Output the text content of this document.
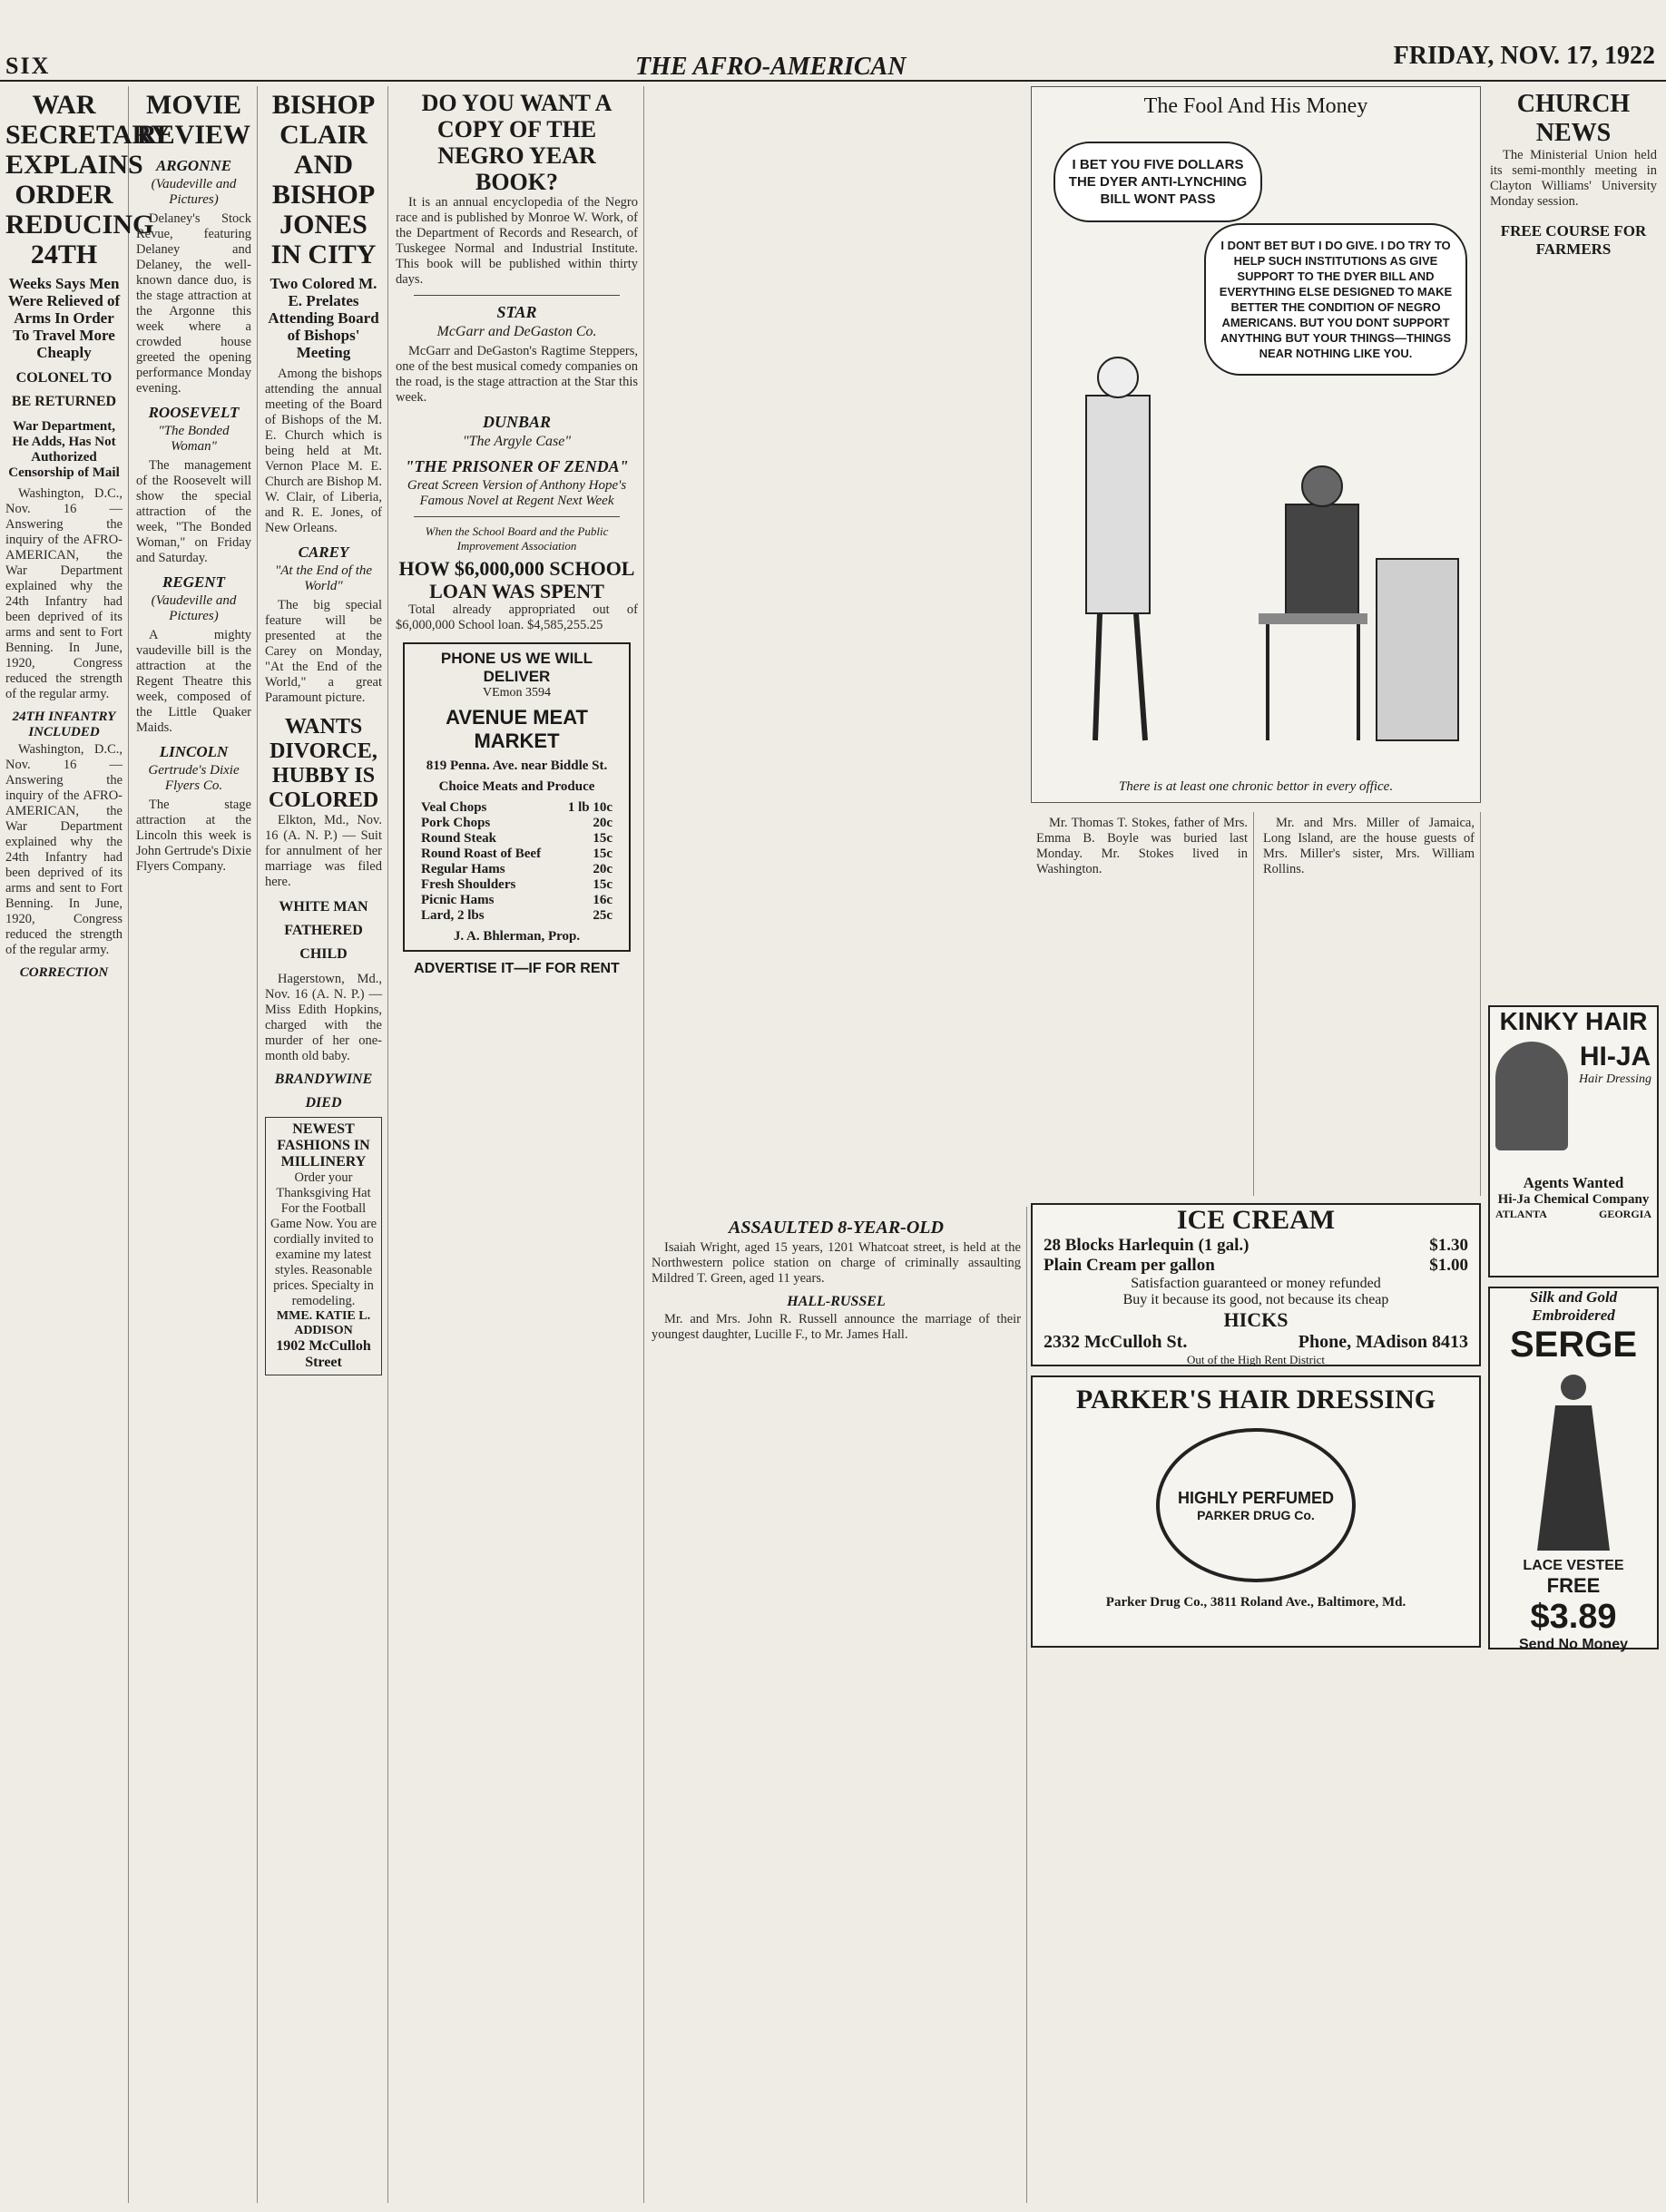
SIX	THE AFRO-AMERICAN	FRIDAY, NOV. 17, 1922
WAR SECRETARY EXPLAINS ORDER REDUCING 24TH
Weeks Says Men Were Relieved of Arms In Order To Travel More Cheaply
COLONEL TO BE RETURNED
War Department, He Adds, Has Not Authorized Censorship of Mail

Washington, D.C., Nov. 16 — Answering the inquiry of the AFRO-AMERICAN, the War Department explained why the 24th Infantry had been deprived of its arms and sent to Fort Benning. In June, 1920, Congress reduced the strength of the regular army.

24TH INFANTRY INCLUDED

Washington, D.C., Nov. 16 — Answering the inquiry of the AFRO-AMERICAN, the War Department explained why the 24th Infantry had been deprived of its arms and sent to Fort Benning. In June, 1920, Congress reduced the strength of the regular army.

CORRECTION
MOVIE REVIEW
ARGONNE
(Vaudeville and Pictures)

Delaney's Stock Revue, featuring Delaney and Delaney, the well-known dance duo, is the stage attraction at the Argonne this week where a crowded house greeted the opening performance Monday evening.

ROOSEVELT
"The Bonded Woman"

The management of the Roosevelt will show the special attraction of the week, "The Bonded Woman," on Friday and Saturday.

REGENT
(Vaudeville and Pictures)

A mighty vaudeville bill is the attraction at the Regent Theatre this week, composed of the Little Quaker Maids.

LINCOLN
Gertrude's Dixie Flyers Co.

The stage attraction at the Lincoln this week is John Gertrude's Dixie Flyers Company.

BISHOP CLAIR AND BISHOP JONES IN CITY
Two Colored M. E. Prelates Attending Board of Bishops' Meeting

Among the bishops attending the annual meeting of the Board of Bishops of the M. E. Church which is being held at Mt. Vernon Place M. E. Church are Bishop M. W. Clair, of Liberia, and R. E. Jones, of New Orleans.

CAREY
"At the End of the World"

The big special feature will be presented at the Carey on Monday, "At the End of the World," a great Paramount picture.

WANTS DIVORCE, HUBBY IS COLORED

Elkton, Md., Nov. 16 (A. N. P.) — Suit for annulment of her marriage was filed here.

WHITE MAN FATHERED CHILD

Hagerstown, Md., Nov. 16 (A. N. P.) — Miss Edith Hopkins, charged with the murder of her one-month old baby.

BRANDYWINE
DIED
NEWEST FASHIONS IN MILLINERY

Order your Thanksgiving Hat For the Football Game Now. You are cordially invited to examine my latest styles. Reasonable prices. Specialty in remodeling.

MME. KATIE L. ADDISON
1902 McCulloh Street
DO YOU WANT A COPY OF THE NEGRO YEAR BOOK?

It is an annual encyclopedia of the Negro race and is published by Monroe W. Work, of the Department of Records and Research, of Tuskegee Normal and Industrial Institute. This book will be published within thirty days.

STAR
McGarr and DeGaston Co.

McGarr and DeGaston's Ragtime Steppers, one of the best musical comedy companies on the road, is the stage attraction at the Star this week.

DUNBAR
"The Argyle Case"
"THE PRISONER OF ZENDA"
Great Screen Version of Anthony Hope's Famous Novel at Regent Next Week
When the School Board and the Public Improvement Association
HOW $6,000,000 SCHOOL LOAN WAS SPENT

Total already appropriated out of $6,000,000 School loan. $4,585,255.25

PHONE US WE WILL
DELIVER
VEmon 3594
AVENUE MEAT MARKET
819 Penna. Ave. near Biddle St.
Choice Meats and Produce
Veal Chops	1 lb 10c
Pork Chops	20c
Round Steak	15c
Round Roast of Beef	15c
Regular Hams	20c
Fresh Shoulders	15c
Picnic Hams	16c
Lard, 2 lbs	25c
J. A. Bhlerman, Prop.
ADVERTISE IT—IF FOR RENT
ASSAULTED 8-YEAR-OLD

Isaiah Wright, aged 15 years, 1201 Whatcoat street, is held at the Northwestern police station on charge of criminally assaulting Mildred T. Green, aged 11 years.

HALL-RUSSEL

Mr. and Mrs. John R. Russell announce the marriage of their youngest daughter, Lucille F., to Mr. James Hall.

The Fool And His Money
I BET YOU FIVE DOLLARS THE DYER ANTI-LYNCHING BILL WONT PASS
I DONT BET BUT I DO GIVE. I DO TRY TO HELP SUCH INSTITUTIONS AS GIVE SUPPORT TO THE DYER BILL AND EVERYTHING ELSE DESIGNED TO MAKE BETTER THE CONDITION OF NEGRO AMERICANS. BUT YOU DONT SUPPORT ANYTHING BUT YOUR THINGS—THINGS NEAR NOTHING LIKE YOU.
There is at least one chronic bettor in every office.

Mr. Thomas T. Stokes, father of Mrs. Emma B. Boyle was buried last Monday. Mr. Stokes lived in Washington.

Mr. and Mrs. Miller of Jamaica, Long Island, are the house guests of Mrs. Miller's sister, Mrs. William Rollins.

ICE CREAM
28 Blocks Harlequin (1 gal.)	$1.30
Plain Cream per gallon	$1.00
Satisfaction guaranteed or money refunded
Buy it because its good, not because its cheap
HICKS
2332 McCulloh St.	Phone, MAdison 8413
Out of the High Rent District
PARKER'S HAIR DRESSING
HIGHLY PERFUMED
PARKER DRUG Co.
Parker Drug Co., 3811 Roland Ave., Baltimore, Md.
CHURCH NEWS

The Ministerial Union held its semi-monthly meeting in Clayton Williams' University Monday session.

FREE COURSE FOR FARMERS
KINKY HAIR
HI-JA
Hair Dressing
Agents Wanted
Hi-Ja Chemical Company
ATLANTA	GEORGIA
Silk and Gold Embroidered
SERGE
LACE VESTEE
FREE
$3.89
Send No Money
